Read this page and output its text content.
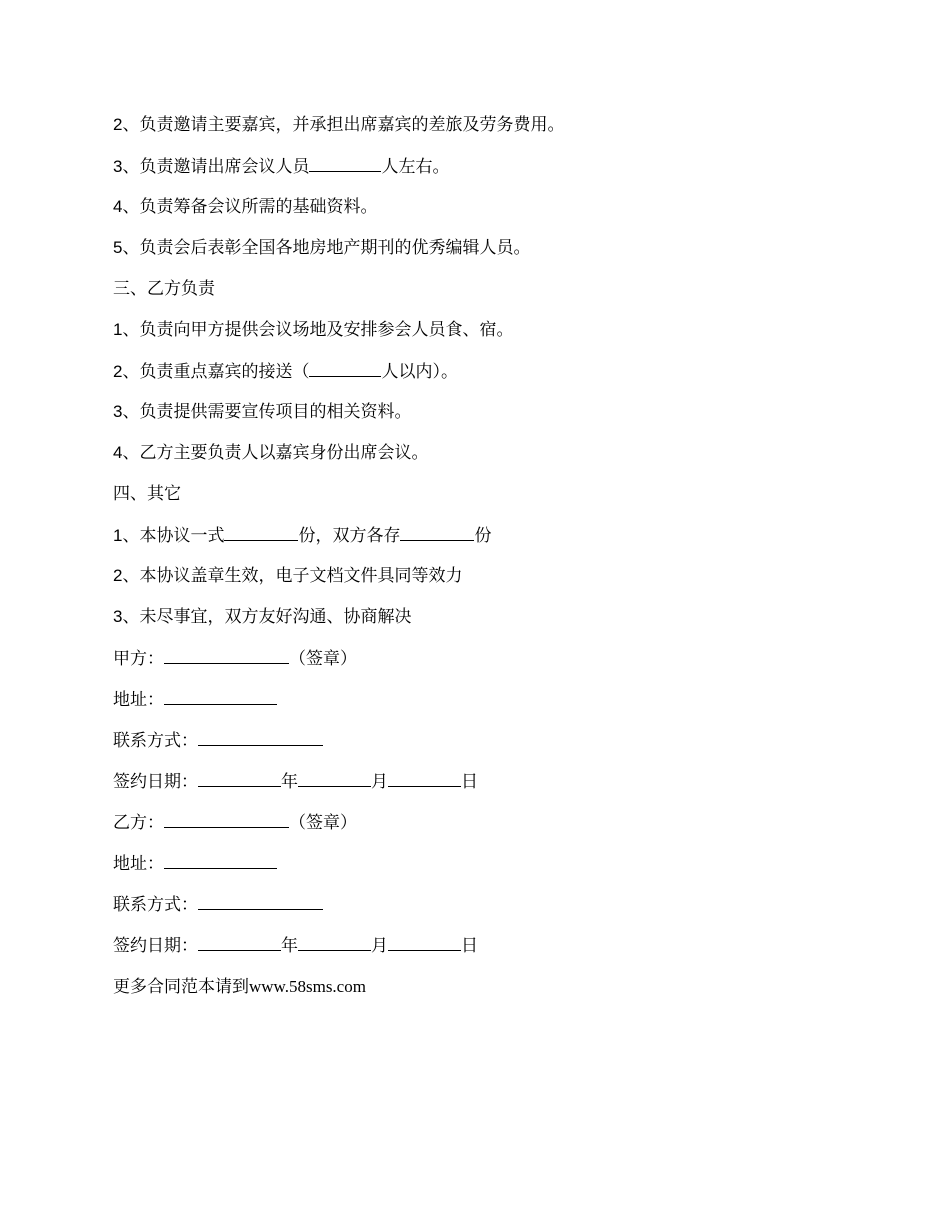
2、负责邀请主要嘉宾，并承担出席嘉宾的差旅及劳务费用。
3、负责邀请出席会议人员	人左右。
4、负责筹备会议所需的基础资料。
5、负责会后表彰全国各地房地产期刊的优秀编辑人员。
三、乙方负责
1、负责向甲方提供会议场地及安排参会人员食、宿。
2、负责重点嘉宾的接送（	人以内）。
3、负责提供需要宣传项目的相关资料。
4、乙方主要负责人以嘉宾身份出席会议。
四、其它
1、本协议一式	份，双方各存	份
2、本协议盖章生效，电子文档文件具同等效力
3、未尽事宜，双方友好沟通、协商解决
甲方：	（签章）
地址：
联系方式：
签约日期：	年	月	日
乙方：	（签章）
地址：
联系方式：
签约日期：	年	月	日
更多合同范本请到www.58sms.com
